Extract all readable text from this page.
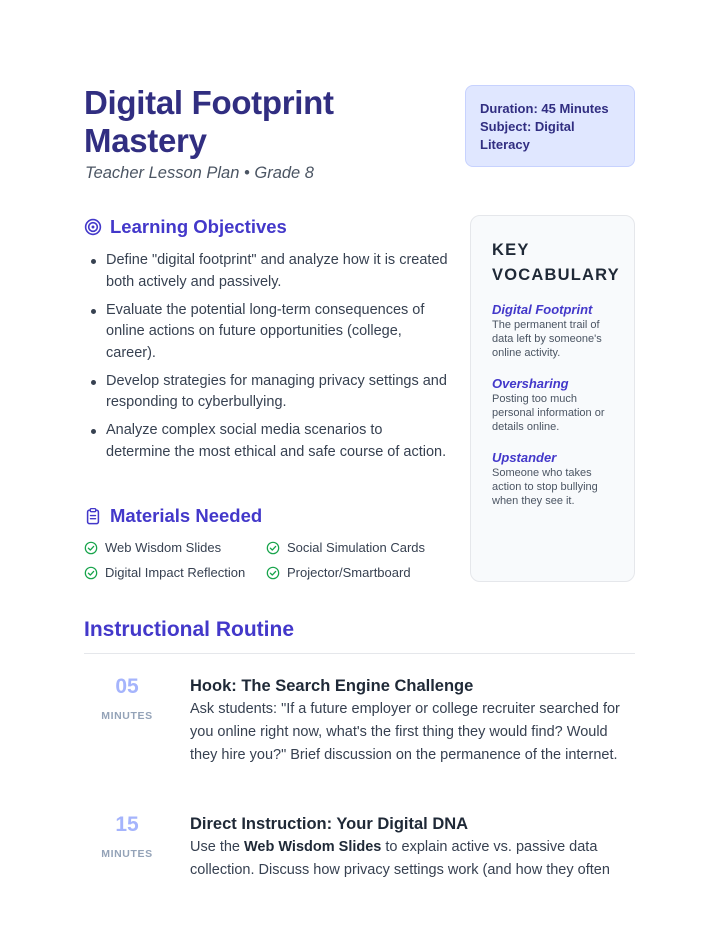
Digital Footprint Mastery
Teacher Lesson Plan • Grade 8
Duration: 45 Minutes
Subject: Digital Literacy
Learning Objectives
Define "digital footprint" and analyze how it is created both actively and passively.
Evaluate the potential long-term consequences of online actions on future opportunities (college, career).
Develop strategies for managing privacy settings and responding to cyberbullying.
Analyze complex social media scenarios to determine the most ethical and safe course of action.
Materials Needed
Web Wisdom Slides	Social Simulation Cards
Digital Impact Reflection	Projector/Smartboard
KEY VOCABULARY
Digital Footprint
The permanent trail of data left by someone's online activity.
Oversharing
Posting too much personal information or details online.
Upstander
Someone who takes action to stop bullying when they see it.
Instructional Routine
05
MINUTES
Hook: The Search Engine Challenge
Ask students: "If a future employer or college recruiter searched for you online right now, what's the first thing they would find? Would they hire you?" Brief discussion on the permanence of the internet.
15
MINUTES
Direct Instruction: Your Digital DNA
Use the Web Wisdom Slides to explain active vs. passive data collection. Discuss how privacy settings work (and how they often
